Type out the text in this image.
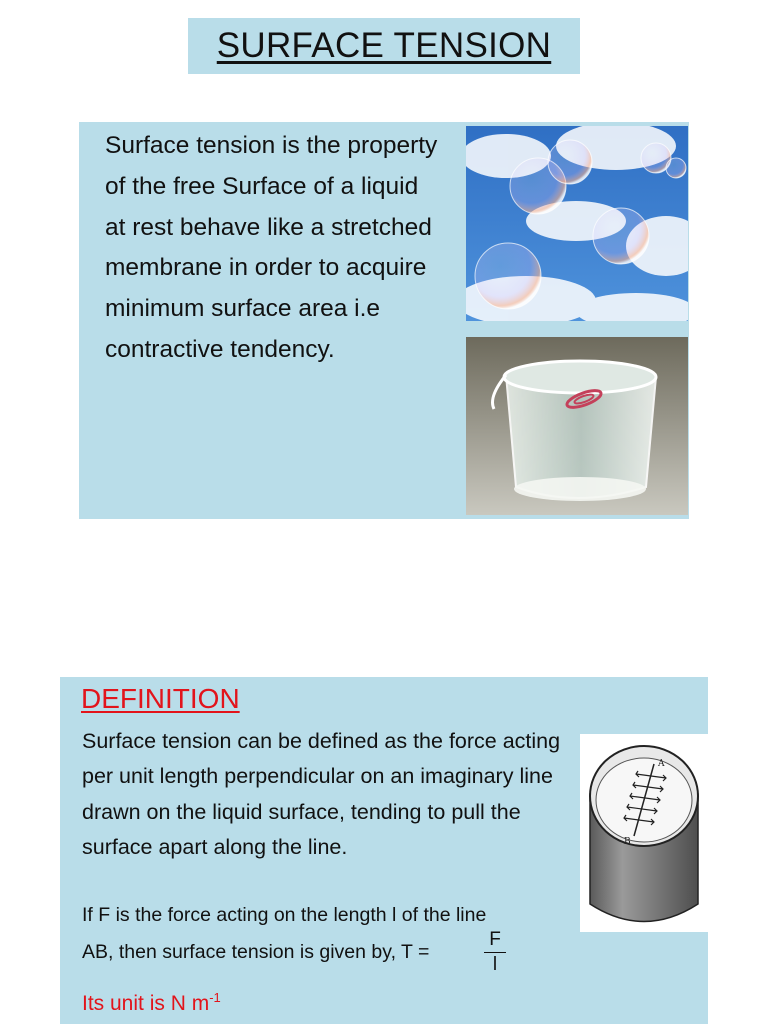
SURFACE TENSION
Surface tension is the property of the free Surface of a liquid at rest behave like a stretched membrane in order to acquire minimum surface area i.e contractive tendency.
DEFINITION
Surface tension can be defined as the force acting per unit length perpendicular on an imaginary line drawn on the liquid surface, tending to pull the surface apart along the line.
If F is the force acting on the length l of the line
AB, then surface tension is given by, T =
F
l
Its unit is N $m^{-1}$
A
B
